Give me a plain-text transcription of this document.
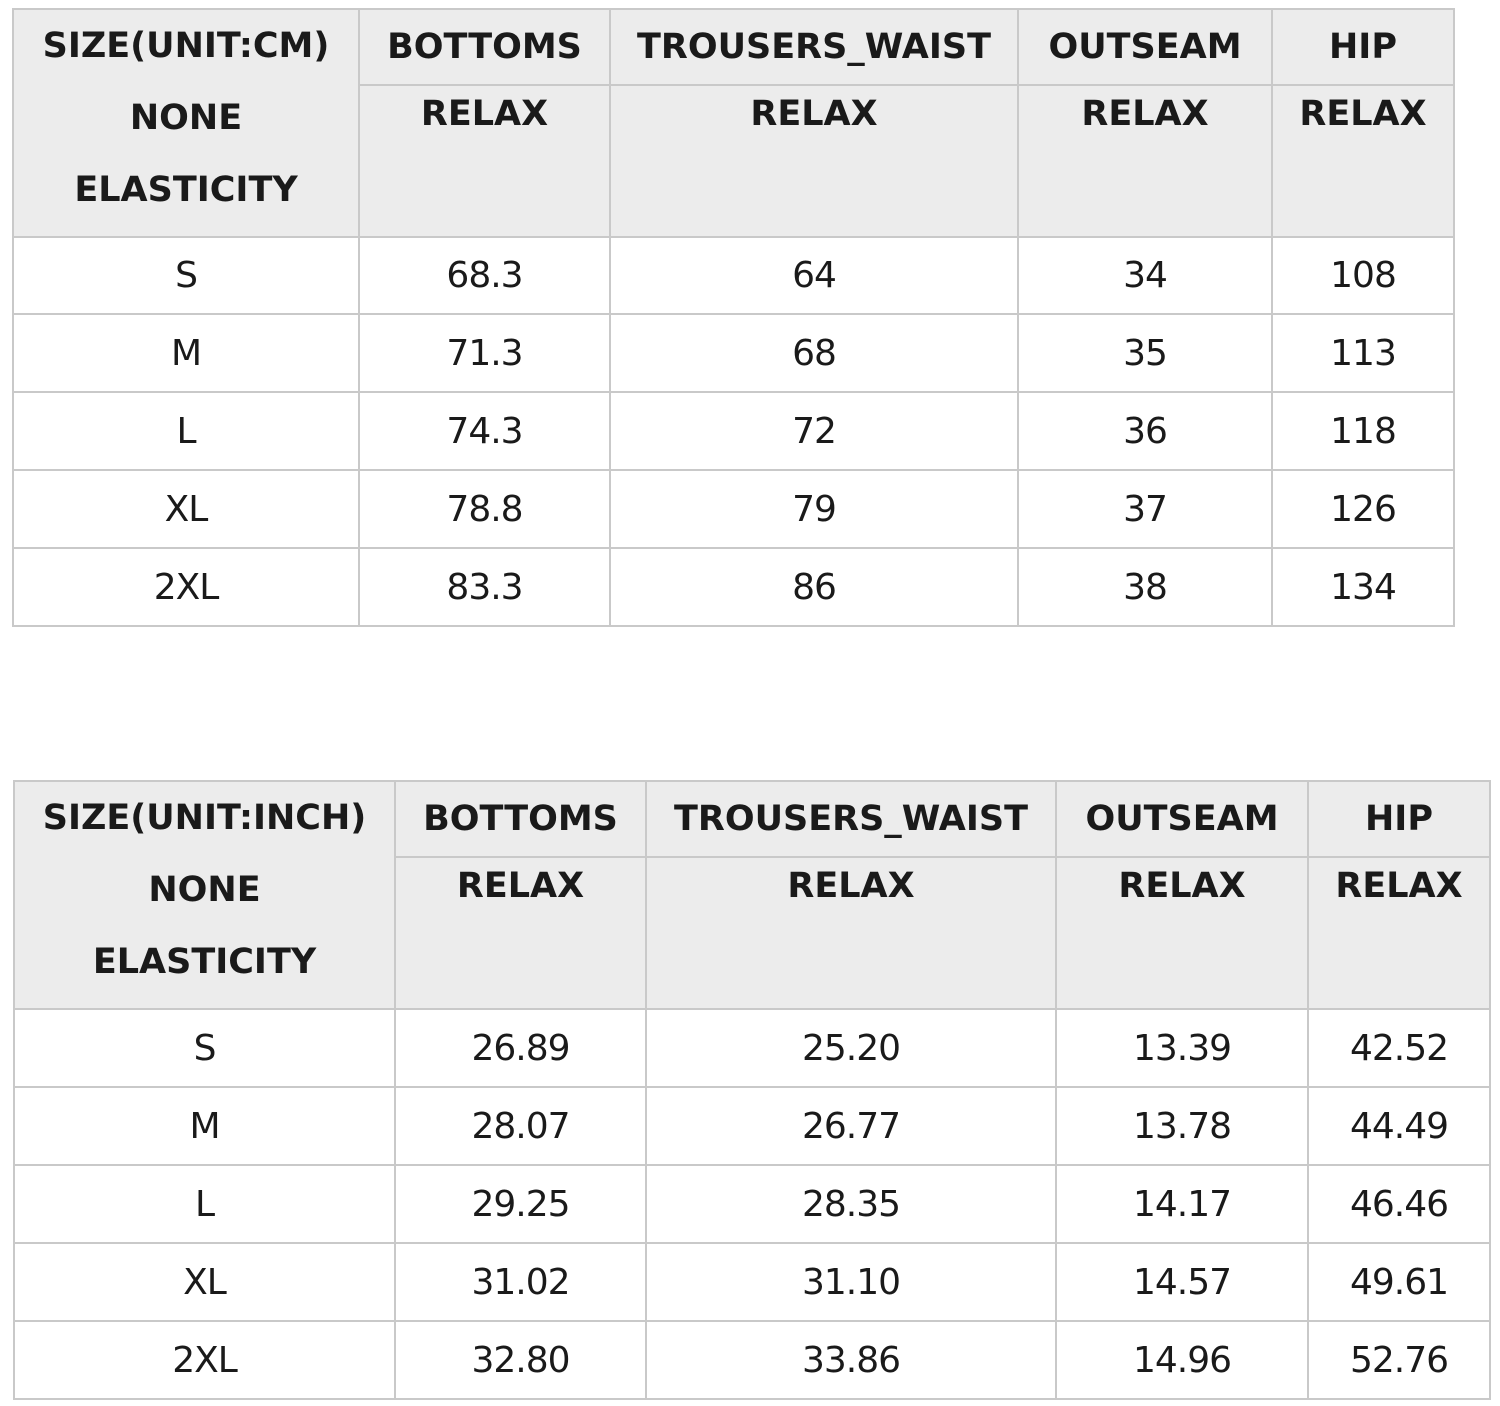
SIZE(UNIT:CM)
NONE
ELASTICITY	BOTTOMS	TROUSERS_WAIST	OUTSEAM	HIP
	RELAX	RELAX	RELAX	RELAX
S	68.3	64	34	108
M	71.3	68	35	113
L	74.3	72	36	118
XL	78.8	79	37	126
2XL	83.3	86	38	134
SIZE(UNIT:INCH)
NONE
ELASTICITY	BOTTOMS	TROUSERS_WAIST	OUTSEAM	HIP
	RELAX	RELAX	RELAX	RELAX
S	26.89	25.20	13.39	42.52
M	28.07	26.77	13.78	44.49
L	29.25	28.35	14.17	46.46
XL	31.02	31.10	14.57	49.61
2XL	32.80	33.86	14.96	52.76
